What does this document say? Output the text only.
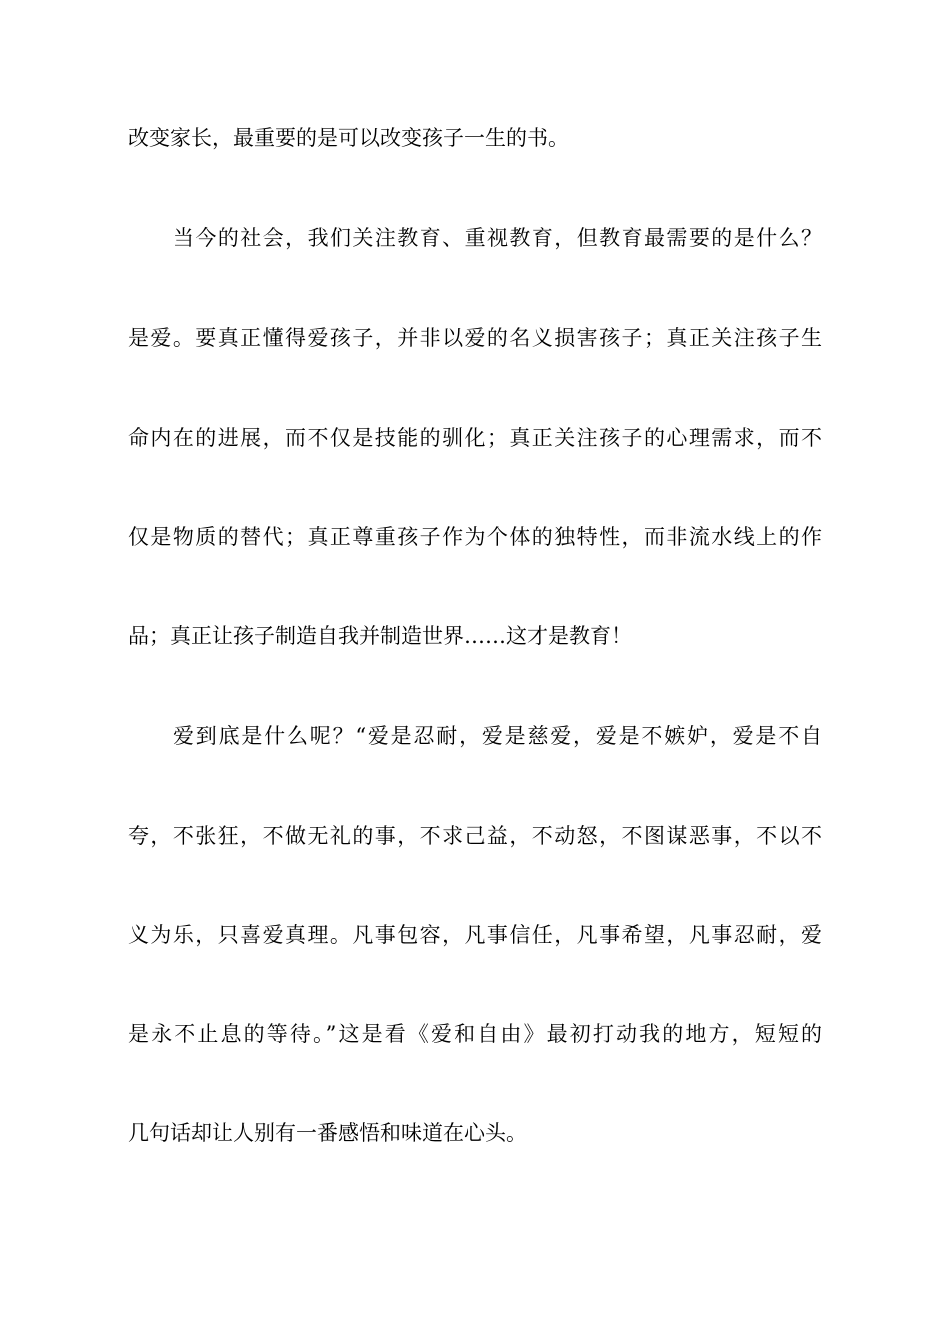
改变家长，最重要的是可以改变孩子一生的书。
当今的社会，我们关注教育、重视教育，但教育最需要的是什么？
是爱。要真正懂得爱孩子，并非以爱的名义损害孩子；真正关注孩子生
命内在的进展，而不仅是技能的驯化；真正关注孩子的心理需求，而不
仅是物质的替代；真正尊重孩子作为个体的独特性，而非流水线上的作
品；真正让孩子制造自我并制造世界……这才是教育！
爱到底是什么呢？“爱是忍耐，爱是慈爱，爱是不嫉妒，爱是不自
夸，不张狂，不做无礼的事，不求己益，不动怒，不图谋恶事，不以不
义为乐，只喜爱真理。凡事包容，凡事信任，凡事希望，凡事忍耐，爱
是永不止息的等待。”这是看《爱和自由》最初打动我的地方，短短的
几句话却让人别有一番感悟和味道在心头。
